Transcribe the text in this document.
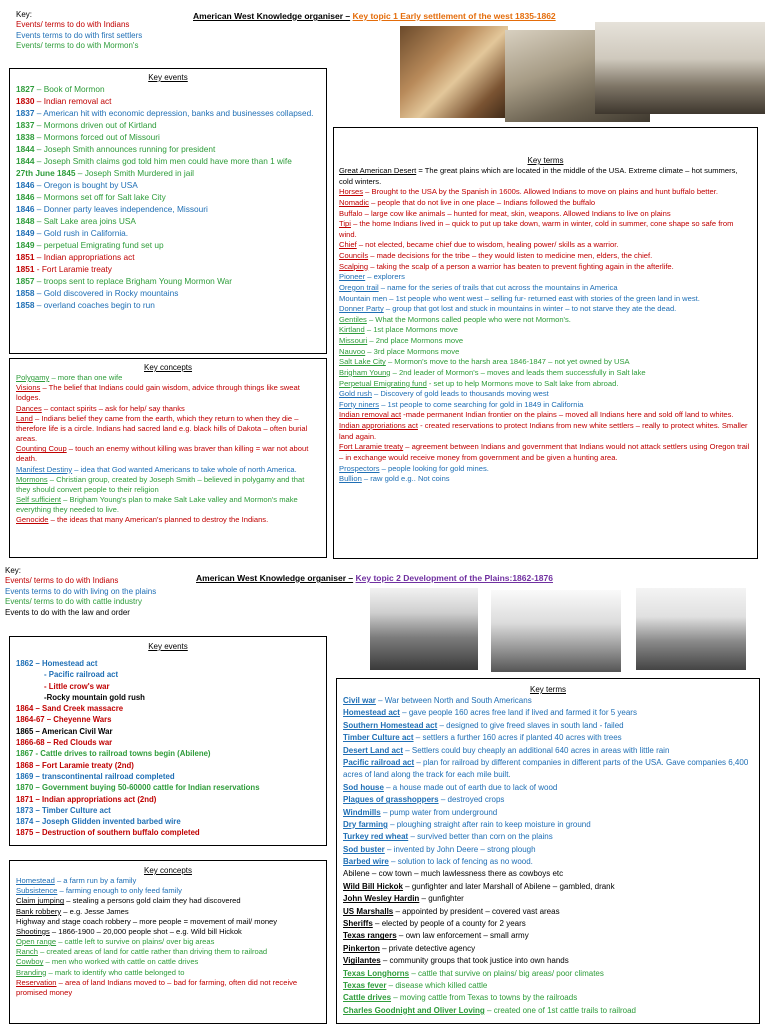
Key:
Events/ terms to do with Indians
Events terms to do with first settlers
Events/ terms to do with Mormon's
American West Knowledge organiser – Key topic 1 Early settlement of the west 1835-1862
Key events
1827 – Book of Mormon
1830 – Indian removal act
1837 – American hit with economic depression, banks and businesses collapsed.
1837 – Mormons driven out of Kirtland
1838 – Mormons forced out of Missouri
1844 – Joseph Smith announces running for president
1844 – Joseph Smith claims god told him men could have more than 1 wife
27th June 1845 – Joseph Smith Murdered in jail
1846 – Oregon is bought by USA
1846 – Mormons set off for Salt lake City
1846 – Donner party leaves independence, Missouri
1848 – Salt Lake area joins USA
1849 – Gold rush in California.
1849 – perpetual Emigrating fund set up
1851 – Indian appropriations act
1851 - Fort Laramie treaty
1857 – troops sent to replace Brigham Young Mormon War
1858 – Gold discovered in Rocky mountains
1858 – overland coaches begin to run
Key concepts
Polygamy – more than one wife
Visions – The belief that Indians could gain wisdom, advice through things like sweat lodges.
Dances – contact spirits – ask for help/ say thanks
Land – Indians belief they came from the earth, which they return to when they die – therefore life is a circle. Indians had sacred land e.g. black hills of Dakota – often burial areas.
Counting Coup – touch an enemy without killing was braver than killing = war not about death.
Manifest Destiny – idea that God wanted Americans to take whole of north America.
Mormons – Christian group, created by Joseph Smith – believed in polygamy and that they should convert people to their religion
Self sufficient – Brigham Young's plan to make Salt Lake valley and Mormon's make everything they needed to live.
Genocide – the ideas that many American's planned to destroy the Indians.
Key terms
Great American Desert = The great plains which are located in the middle of the USA. Extreme climate – hot summers, cold winters.
Horses – Brought to the USA by the Spanish in 1600s. Allowed Indians to move on plains and hunt buffalo better.
Nomadic – people that do not live in one place – Indians followed the buffalo
Buffalo – large cow like animals – hunted for meat, skin, weapons. Allowed Indians to live on plains
Tipi – the home Indians lived in – quick to put up take down, warm in winter, cold in summer, cone shape so safe from wind.
Chief – not elected, became chief due to wisdom, healing power/ skills as a warrior.
Councils – made decisions for the tribe – they would listen to medicine men, elders, the chief.
Scalping – taking the scalp of a person a warrior has beaten to prevent fighting again in the afterlife.
Pioneer – explorers
Oregon trail – name for the series of trails that cut across the mountains in America
Mountain men – 1st people who went west – selling fur- returned east with stories of the green land in west.
Donner Party – group that got lost and stuck in mountains in winter – to not starve they ate the dead.
Gentiles – What the Mormons called people who were not Mormon's.
Kirtland – 1st place Mormons move
Missouri – 2nd place Mormons move
Nauvoo – 3rd place Mormons move
Salt Lake City – Mormon's move to the harsh area 1846-1847 – not yet owned by USA
Brigham Young – 2nd leader of Mormon's – moves and leads them successfully in Salt lake
Perpetual Emigrating fund - set up to help Mormons move to Salt lake from abroad.
Gold rush – Discovery of gold leads to thousands moving west
Forty niners – 1st people to come searching for gold in 1849 in California
Indian removal act -made permanent Indian frontier on the plains – moved all Indians here and sold off land to whites.
Indian approriations act - created reservations to protect Indians from new white settlers – really to protect whites. Smaller land again.
Fort Laramie treaty – agreement between Indians and government that Indians would not attack settlers using Oregon trail – in exchange would receive money from government and be given a hunting area.
Prospectors – people looking for gold mines.
Bullion – raw gold e.g.. Not coins
Key:
Events/ terms to do with Indians
Events terms to do with living on the plains
Events/ terms to do with cattle industry
Events to do with the law and order
American West Knowledge organiser – Key topic 2 Development of the Plains:1862-1876
Key events
1862 – Homestead act
- Pacific railroad act
- Little crow's war
-Rocky mountain gold rush
1864 – Sand Creek massacre
1864-67 – Cheyenne Wars
1865 – American Civil War
1866-68 – Red Clouds war
1867 - Cattle drives to railroad towns begin (Abilene)
1868 – Fort Laramie treaty (2nd)
1869 – transcontinental railroad completed
1870 – Government buying 50-60000 cattle for Indian reservations
1871 – Indian appropriations act (2nd)
1873 – Timber Culture act
1874 – Joseph Glidden invented barbed wire
1875 – Destruction of southern buffalo completed
Key concepts
Homestead – a farm run by a family
Subsistence – farming enough to only feed family
Claim jumping – stealing a persons gold claim they had discovered
Bank robbery – e.g. Jesse James
Highway and stage coach robbery – more people = movement of mail/ money
Shootings – 1866-1900 – 20,000 people shot – e.g. Wild bill Hickok
Open range – cattle left to survive on plains/ over big areas
Ranch – created areas of land for cattle rather than driving them to railroad
Cowboy – men who worked with cattle on cattle drives
Branding – mark to identify who cattle belonged to
Reservation – area of land Indians moved to – bad for farming, often did not receive promised money
Key terms
Civil war – War between North and South Americans
Homestead act – gave people 160 acres free land if lived and farmed it for 5 years
Southern Homestead act – designed to give freed slaves in south land - failed
Timber Culture act – settlers a further 160 acres if planted 40 acres with trees
Desert Land act – Settlers could buy cheaply an additional 640 acres in areas with little rain
Pacific railroad act – plan for railroad by different companies in different parts of the USA. Gave companies 6,400 acres of land along the track for each mile built.
Sod house – a house made out of earth due to lack of wood
Plagues of grasshoppers – destroyed crops
Windmills – pump water from underground
Dry farming – ploughing straight after rain to keep moisture in ground
Turkey red wheat – survived better than corn on the plains
Sod buster – invented by John Deere – strong plough
Barbed wire – solution to lack of fencing as no wood.
Abilene – cow town – much lawlessness there as cowboys etc
Wild Bill Hickok – gunfighter and later Marshall of Abilene – gambled, drank
John Wesley Hardin – gunfighter
US Marshalls – appointed by president – covered vast areas
Sheriffs – elected by people of a county for 2 years
Texas rangers – own law enforcement – small army
Pinkerton – private detective agency
Vigilantes – community groups that took justice into own hands
Texas Longhorns – cattle that survive on plains/ big areas/ poor climates
Texas fever – disease which killed cattle
Cattle drives – moving cattle from Texas to towns by the railroads
Charles Goodnight and Oliver Loving – created one of 1st cattle trails to railroad
